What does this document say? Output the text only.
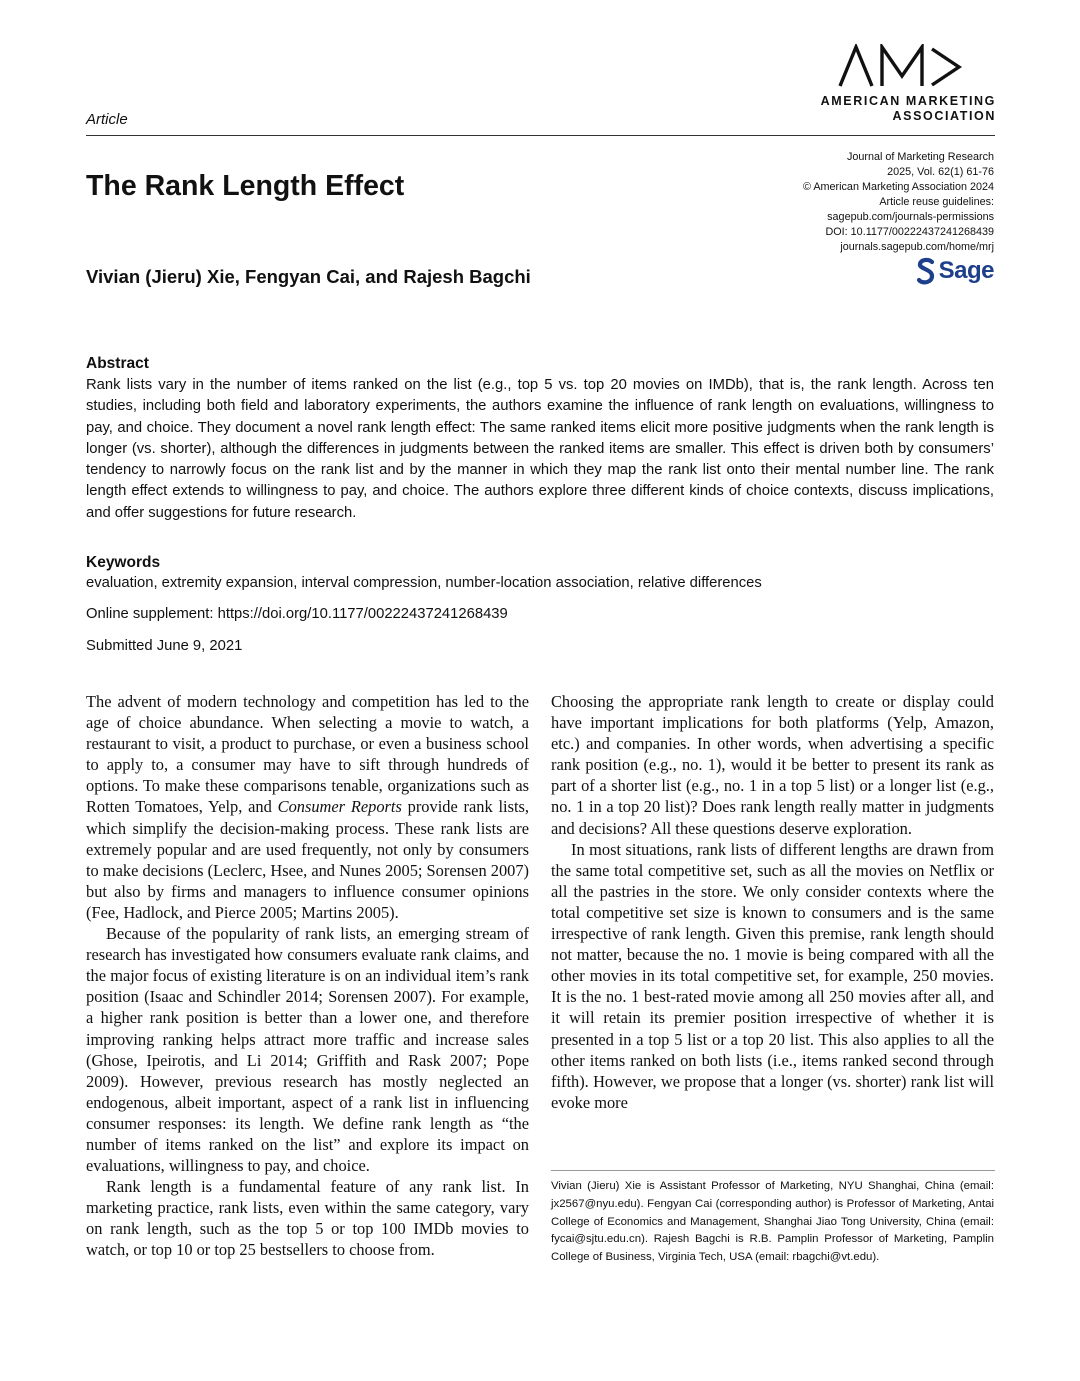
AMERICAN MARKETING
ASSOCIATION
Article
The Rank Length Effect
Journal of Marketing Research
2025, Vol. 62(1) 61-76
© American Marketing Association 2024
Article reuse guidelines:
sagepub.com/journals-permissions
DOI: 10.1177/00222437241268439
journals.sagepub.com/home/mrj
Sage
Vivian (Jieru) Xie, Fengyan Cai, and Rajesh Bagchi
Abstract

Rank lists vary in the number of items ranked on the list (e.g., top 5 vs. top 20 movies on IMDb), that is, the rank length. Across ten studies, including both field and laboratory experiments, the authors examine the influence of rank length on evaluations, willingness to pay, and choice. They document a novel rank length effect: The same ranked items elicit more positive judgments when the rank length is longer (vs. shorter), although the differences in judgments between the ranked items are smaller. This effect is driven both by consumers’ tendency to narrowly focus on the rank list and by the manner in which they map the rank list onto their mental number line. The rank length effect extends to willingness to pay, and choice. The authors explore three different kinds of choice contexts, discuss implications, and offer suggestions for future research.

Keywords
evaluation, extremity expansion, interval compression, number-location association, relative differences
Online supplement: https://doi.org/10.1177/00222437241268439
Submitted June 9, 2021

The advent of modern technology and competition has led to the age of choice abundance. When selecting a movie to watch, a restaurant to visit, a product to purchase, or even a business school to apply to, a consumer may have to sift through hundreds of options. To make these comparisons tenable, organizations such as Rotten Tomatoes, Yelp, and Consumer Reports provide rank lists, which simplify the decision-making process. These rank lists are extremely popular and are used frequently, not only by consumers to make decisions (Leclerc, Hsee, and Nunes 2005; Sorensen 2007) but also by firms and managers to influence consumer opinions (Fee, Hadlock, and Pierce 2005; Martins 2005).

Because of the popularity of rank lists, an emerging stream of research has investigated how consumers evaluate rank claims, and the major focus of existing literature is on an individual item’s rank position (Isaac and Schindler 2014; Sorensen 2007). For example, a higher rank position is better than a lower one, and therefore improving ranking helps attract more traffic and increase sales (Ghose, Ipeirotis, and Li 2014; Griffith and Rask 2007; Pope 2009). However, previous research has mostly neglected an endogenous, albeit important, aspect of a rank list in influencing consumer responses: its length. We define rank length as “the number of items ranked on the list” and explore its impact on evaluations, willingness to pay, and choice.

Rank length is a fundamental feature of any rank list. In marketing practice, rank lists, even within the same category, vary on rank length, such as the top 5 or top 100 IMDb movies to watch, or top 10 or top 25 bestsellers to choose from.

Choosing the appropriate rank length to create or display could have important implications for both platforms (Yelp, Amazon, etc.) and companies. In other words, when advertising a specific rank position (e.g., no. 1), would it be better to present its rank as part of a shorter list (e.g., no. 1 in a top 5 list) or a longer list (e.g., no. 1 in a top 20 list)? Does rank length really matter in judgments and decisions? All these questions deserve exploration.

In most situations, rank lists of different lengths are drawn from the same total competitive set, such as all the movies on Netflix or all the pastries in the store. We only consider contexts where the total competitive set size is known to consumers and is the same irrespective of rank length. Given this premise, rank length should not matter, because the no. 1 movie is being compared with all the other movies in its total competitive set, for example, 250 movies. It is the no. 1 best-rated movie among all 250 movies after all, and it will retain its premier position irrespective of whether it is presented in a top 5 list or a top 20 list. This also applies to all the other items ranked on both lists (i.e., items ranked second through fifth). However, we propose that a longer (vs. shorter) rank list will evoke more

Vivian (Jieru) Xie is Assistant Professor of Marketing, NYU Shanghai, China (email: jx2567@nyu.edu). Fengyan Cai (corresponding author) is Professor of Marketing, Antai College of Economics and Management, Shanghai Jiao Tong University, China (email: fycai@sjtu.edu.cn). Rajesh Bagchi is R.B. Pamplin Professor of Marketing, Pamplin College of Business, Virginia Tech, USA (email: rbagchi@vt.edu).
